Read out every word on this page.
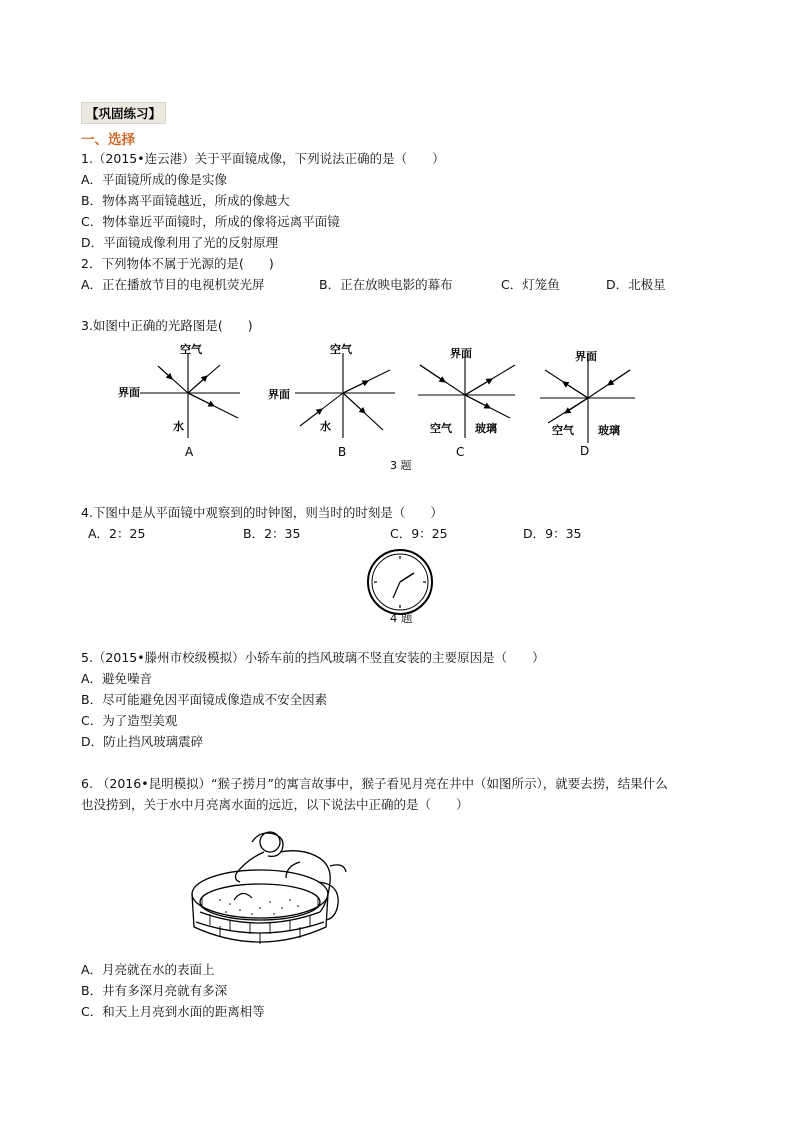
【巩固练习】
一、选择
1.（2015•连云港）关于平面镜成像，下列说法正确的是（　　）
A．平面镜所成的像是实像
B．物体离平面镜越近，所成的像越大
C．物体靠近平面镜时，所成的像将远离平面镜
D．平面镜成像利用了光的反射原理
2．下列物体不属于光源的是(　　)
A．正在播放节目的电视机荧光屏	B．正在放映电影的幕布	C．灯笼鱼	D．北极星
3.如图中正确的光路图是(　　)
空气
界面
水
A
空气
界面
水
B
界面
空气 玻璃
C
界面
空气 玻璃
D
3 题
4.下图中是从平面镜中观察到的时钟图，则当时的时刻是（　　）
A．2：25	B．2：35	C．9：25	D．9：35
4 题
5.（2015•滕州市校级模拟）小轿车前的挡风玻璃不竖直安装的主要原因是（　　）
A．避免噪音
B．尽可能避免因平面镜成像造成不安全因素
C．为了造型美观
D．防止挡风玻璃震碎
6. （2016•昆明模拟）“猴子捞月”的寓言故事中，猴子看见月亮在井中（如图所示），就要去捞，结果什么
也没捞到，关于水中月亮离水面的远近，以下说法中正确的是（　　）
A．月亮就在水的表面上
B．井有多深月亮就有多深
C．和天上月亮到水面的距离相等
